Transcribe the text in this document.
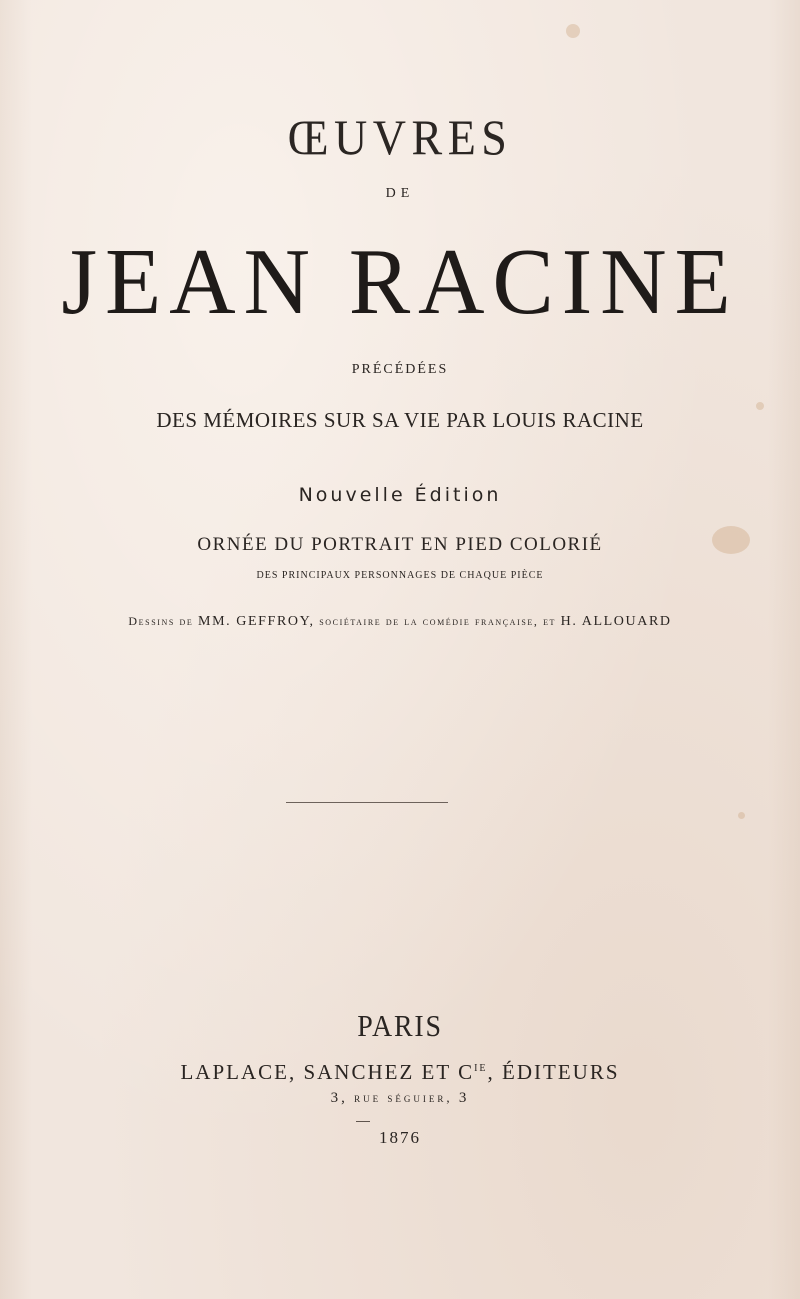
ŒUVRES
DE
JEAN RACINE
PRÉCÉDÉES
DES MÉMOIRES SUR SA VIE PAR LOUIS RACINE
Nouvelle Édition
ORNÉE DU PORTRAIT EN PIED COLORIÉ
DES PRINCIPAUX PERSONNAGES DE CHAQUE PIÈCE
Dessins de MM. GEFFROY, sociétaire de la comédie française, et H. ALLOUARD
PARIS
LAPLACE, SANCHEZ ET $C^{IE}$, ÉDITEURS
3, rue séguier, 3
1876
